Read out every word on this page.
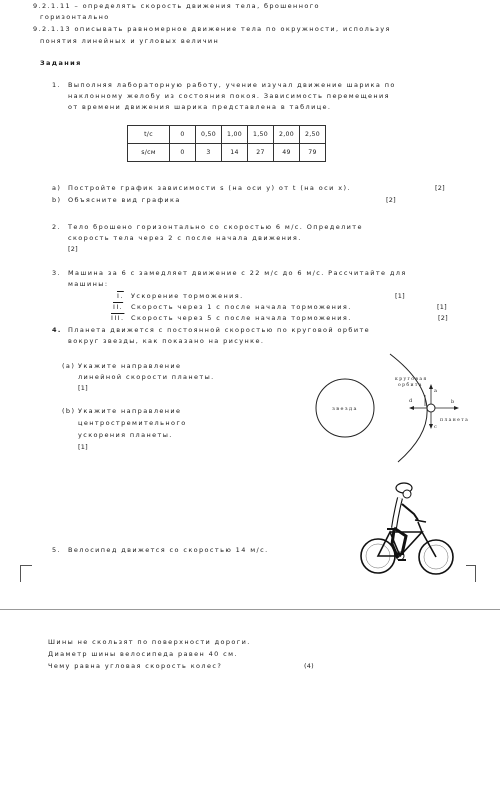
9.2.1.11 – определять скорость движения тела, брошенного
горизонтально
9.2.1.13 описывать равномерное движение тела по окружности, используя
понятия линейных и угловых величин
Задания
1. Выполняя лабораторную работу, учение изучал движение шарика по
наклонному желобу из состояния покоя. Зависимость перемещения
от времени движения шарика представлена в таблице.
t/c	0	0,50	1,00	1,50	2,00	2,50
s/см	0	3	14	27	49	79
a) Постройте график зависимости s (на оси y) от t (на оси x).	[2]
b) Объясните вид графика	[2]
2. Тело брошено горизонтально со скоростью 6 м/с. Определите
скорость тела через 2 с после начала движения.
[2]
3. Машина за 6 с замедляет движение с 22 м/с до 6 м/с. Рассчитайте для
машины:
I. Ускорение торможения.	[1]
II. Скорость через 1 с после начала торможения.	[1]
III. Скорость через 5 с после начала торможения.	[2]
4. Планета движется с постоянной скоростью по круговой орбите
вокруг звезды, как показано на рисунке.
(a) Укажите направление
линейной скорости планеты.
[1]
(b) Укажите направление
центростремительного
ускорения планеты.
[1]
звезда
круговая
орбита
a
b
c
d
планета
5. Велосипед движется со скоростью 14 м/с.
Шины не скользят по поверхности дороги.
Диаметр шины велосипеда равен 40 см.
Чему равна угловая скорость колес?	(4)
